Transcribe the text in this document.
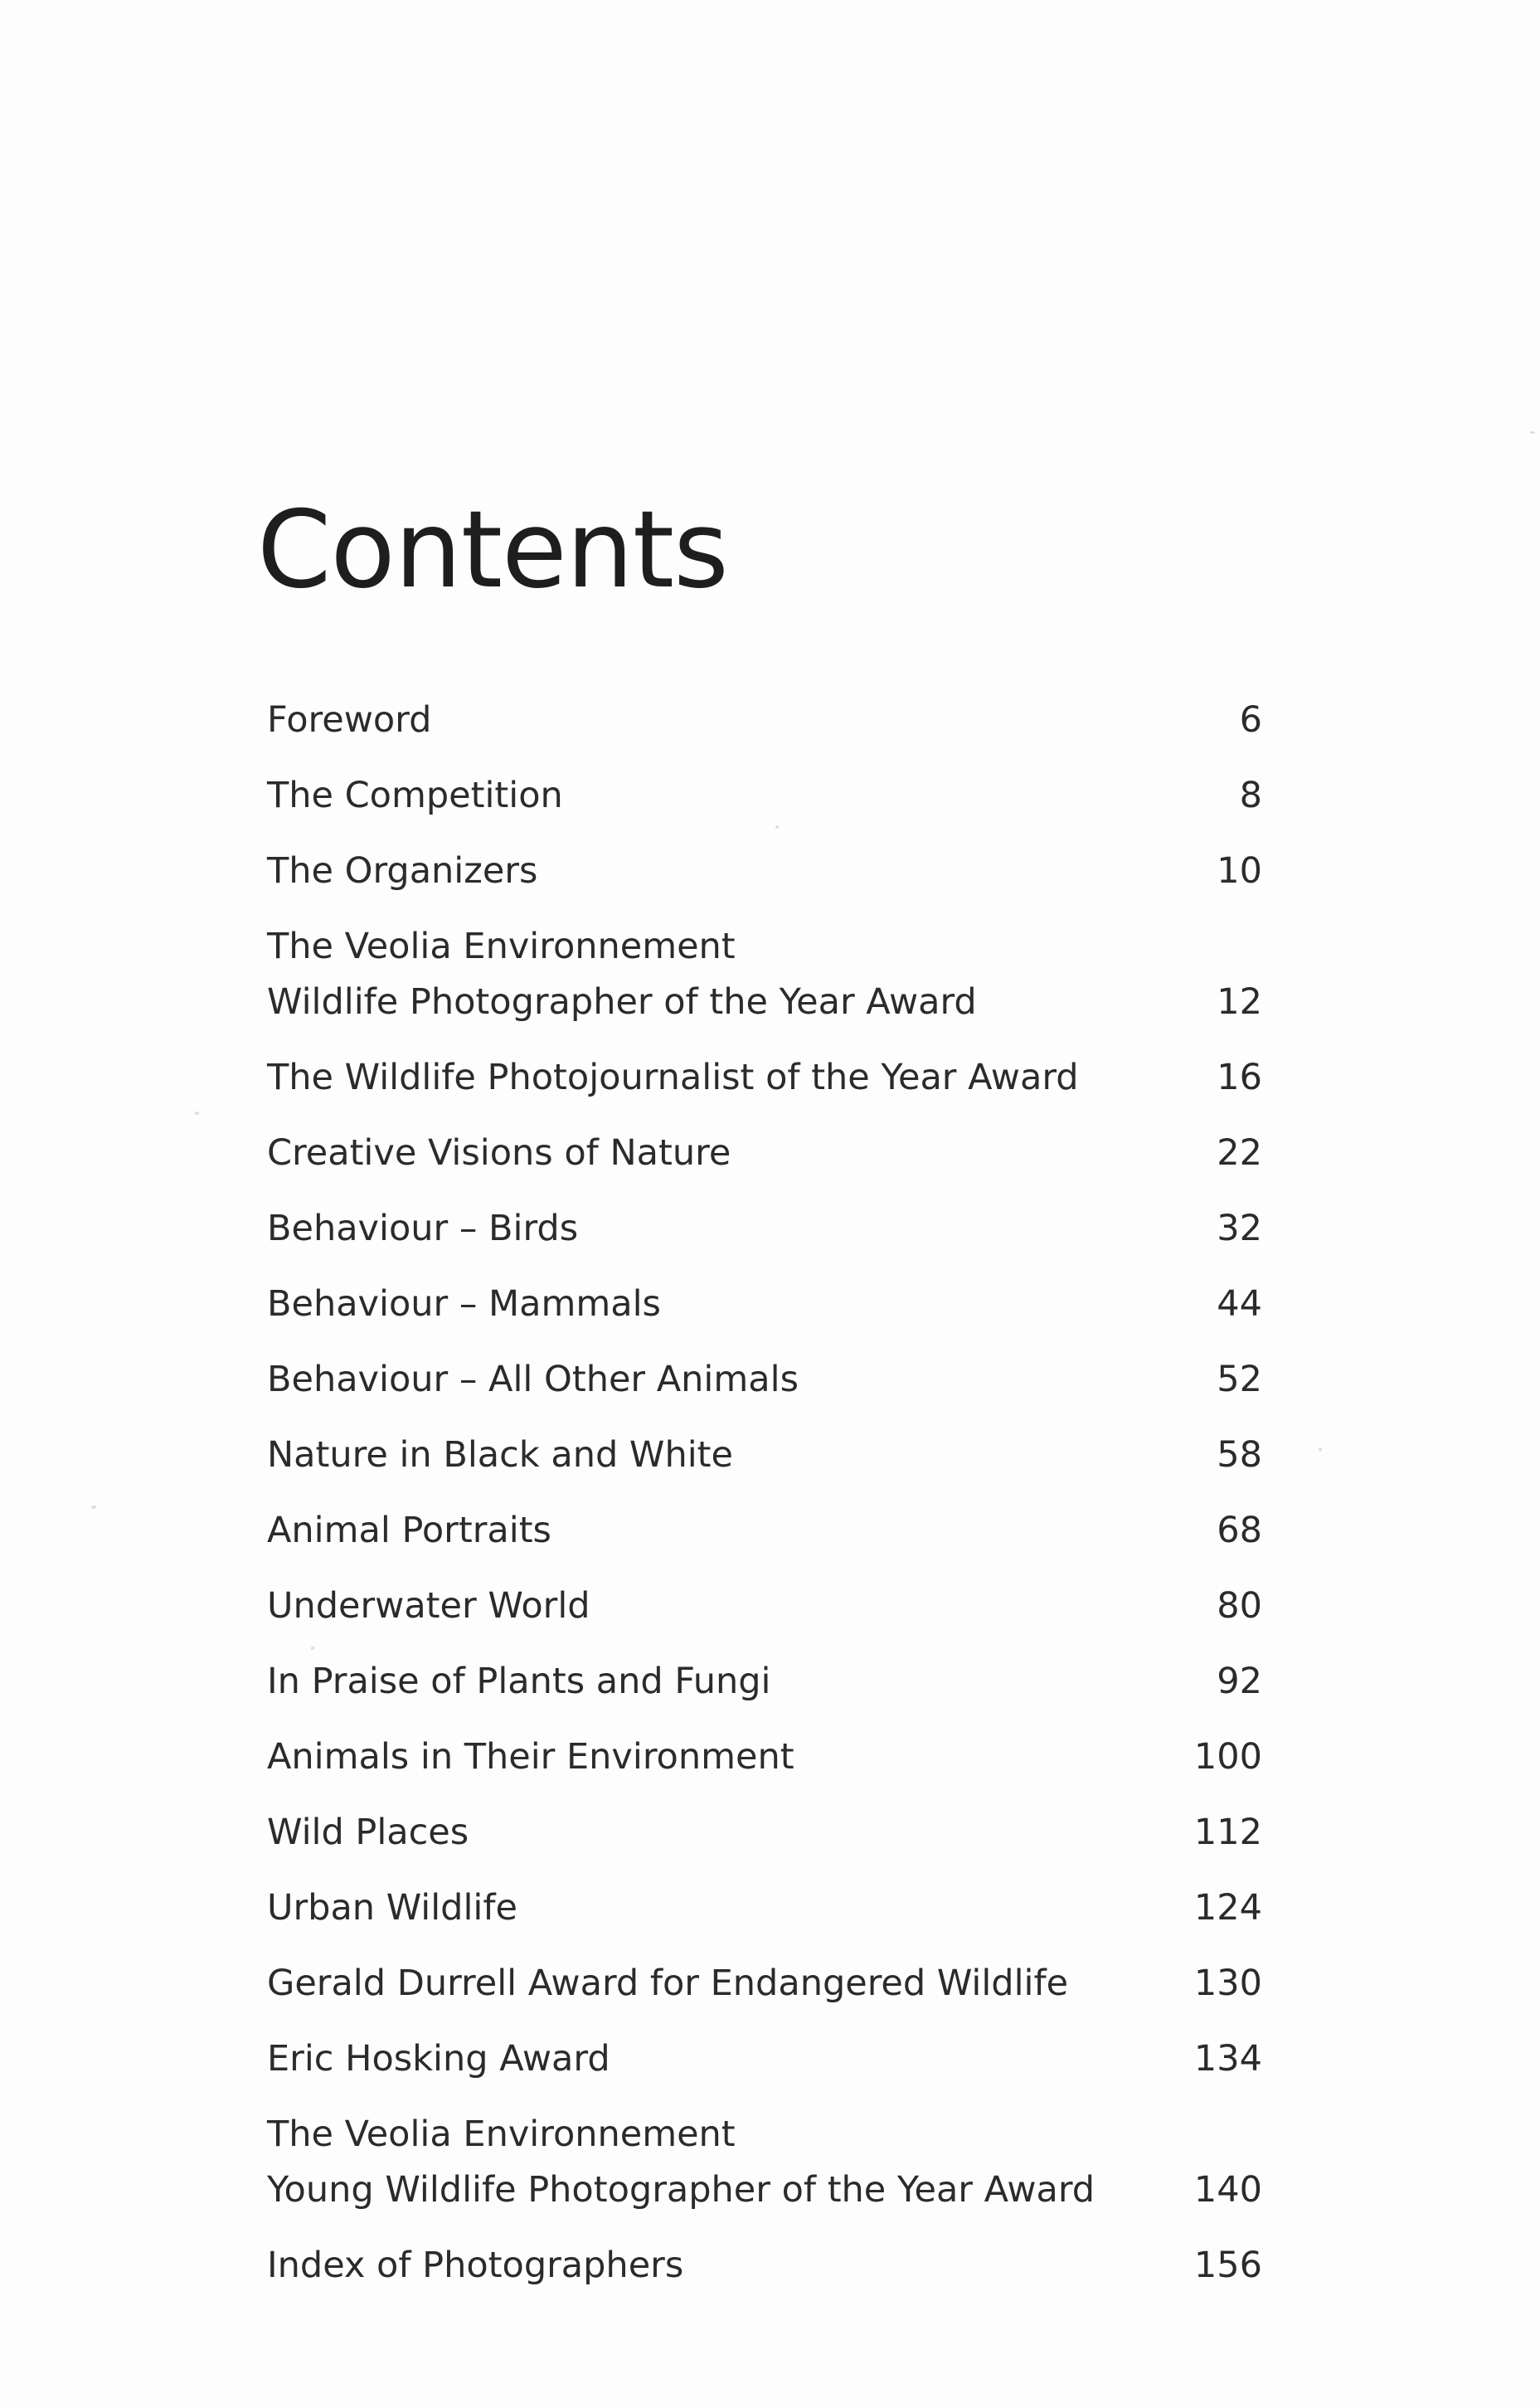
Contents
Foreword	6
The Competition	8
The Organizers	10
The Veolia Environnement
Wildlife Photographer of the Year Award	12
The Wildlife Photojournalist of the Year Award	16
Creative Visions of Nature	22
Behaviour – Birds	32
Behaviour – Mammals	44
Behaviour – All Other Animals	52
Nature in Black and White	58
Animal Portraits	68
Underwater World	80
In Praise of Plants and Fungi	92
Animals in Their Environment	100
Wild Places	112
Urban Wildlife	124
Gerald Durrell Award for Endangered Wildlife	130
Eric Hosking Award	134
The Veolia Environnement
Young Wildlife Photographer of the Year Award	140
Index of Photographers	156
